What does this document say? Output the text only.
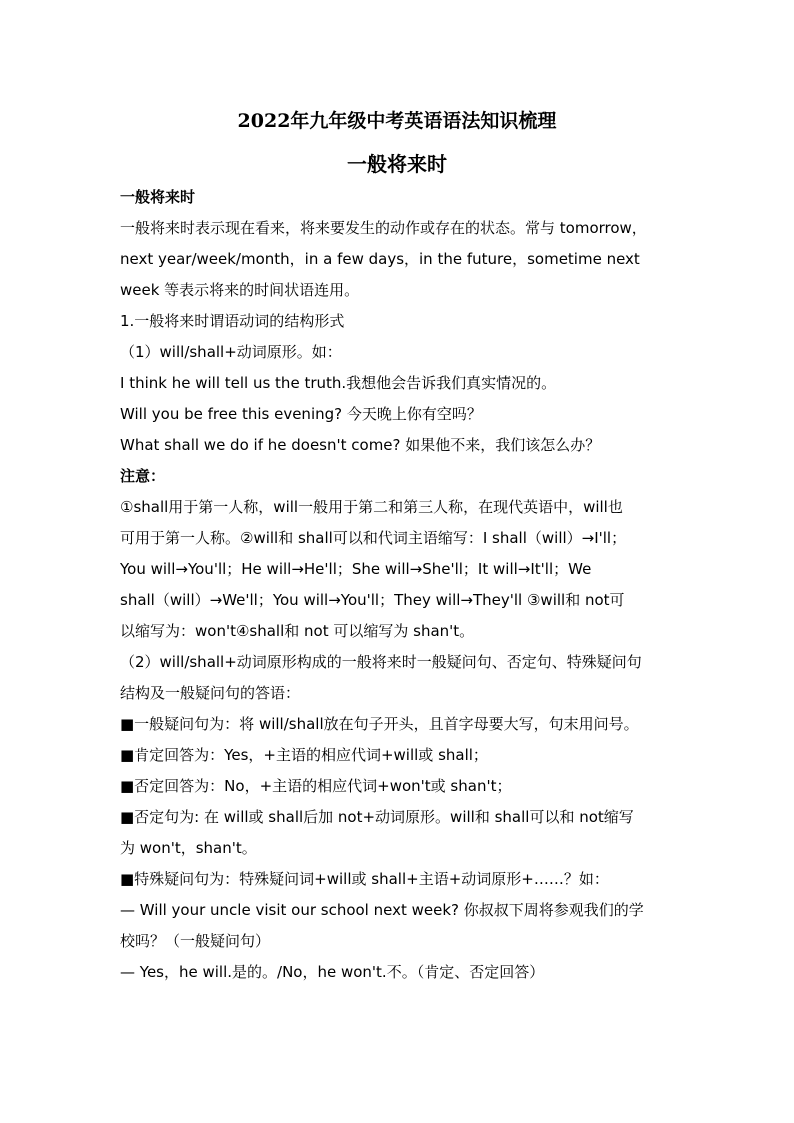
2022年九年级中考英语语法知识梳理
一般将来时
一般将来时
一般将来时表示现在看来，将来要发生的动作或存在的状态。常与 tomorrow，
next year/week/month，in a few days，in the future，sometime next
week 等表示将来的时间状语连用。
1.一般将来时谓语动词的结构形式
（1）will/shall+动词原形。如：
I think he will tell us the truth.我想他会告诉我们真实情况的。
Will you be free this evening? 今天晚上你有空吗？
What shall we do if he doesn't come? 如果他不来，我们该怎么办？
注意：
①shall用于第一人称，will一般用于第二和第三人称，在现代英语中，will也
可用于第一人称。②will和 shall可以和代词主语缩写：I shall（will）→I'll；
You will→You'll；He will→He'll；She will→She'll；It will→It'll；We
shall（will）→We'll；You will→You'll；They will→They'll ③will和 not可
以缩写为：won't④shall和 not 可以缩写为 shan't。
（2）will/shall+动词原形构成的一般将来时一般疑问句、否定句、特殊疑问句
结构及一般疑问句的答语：
■一般疑问句为：将 will/shall放在句子开头，且首字母要大写，句末用问号。
■肯定回答为：Yes，+主语的相应代词+will或 shall；
■否定回答为：No，+主语的相应代词+won't或 shan't；
■否定句为: 在 will或 shall后加 not+动词原形。will和 shall可以和 not缩写
为 won't，shan't。
■特殊疑问句为：特殊疑问词+will或 shall+主语+动词原形+……？如：
— Will your uncle visit our school next week? 你叔叔下周将参观我们的学
校吗？（一般疑问句）
— Yes，he will.是的。/No，he won't.不。（肯定、否定回答）
